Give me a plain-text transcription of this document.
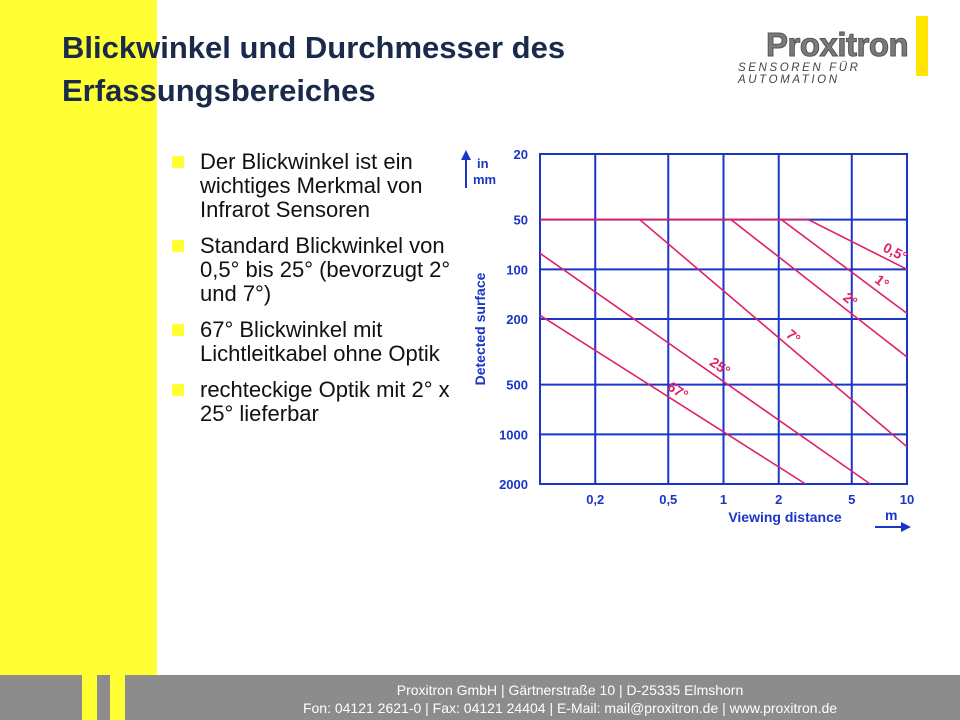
Blickwinkel und Durchmesser des Erfassungsbereiches
Proxitron
SENSOREN FÜR AUTOMATION
Der Blickwinkel ist ein wichtiges Merkmal von Infrarot Sensoren
Standard Blickwinkel von 0,5° bis 25° (bevorzugt 2° und 7°)
67° Blickwinkel mit Lichtleitkabel ohne Optik
rechteckige Optik mit 2° x 25° lieferbar
20
50
100
200
500
1000
2000
0,2	0,5	1	2	5	10
Detected surface
in
mm
Viewing distance	m
0,5°
1°
2°
7°
25°
67°
Proxitron GmbH | Gärtnerstraße 10 | D-25335 Elmshorn
Fon: 04121 2621-0 | Fax: 04121 24404 | E-Mail: mail@proxitron.de | www.proxitron.de
